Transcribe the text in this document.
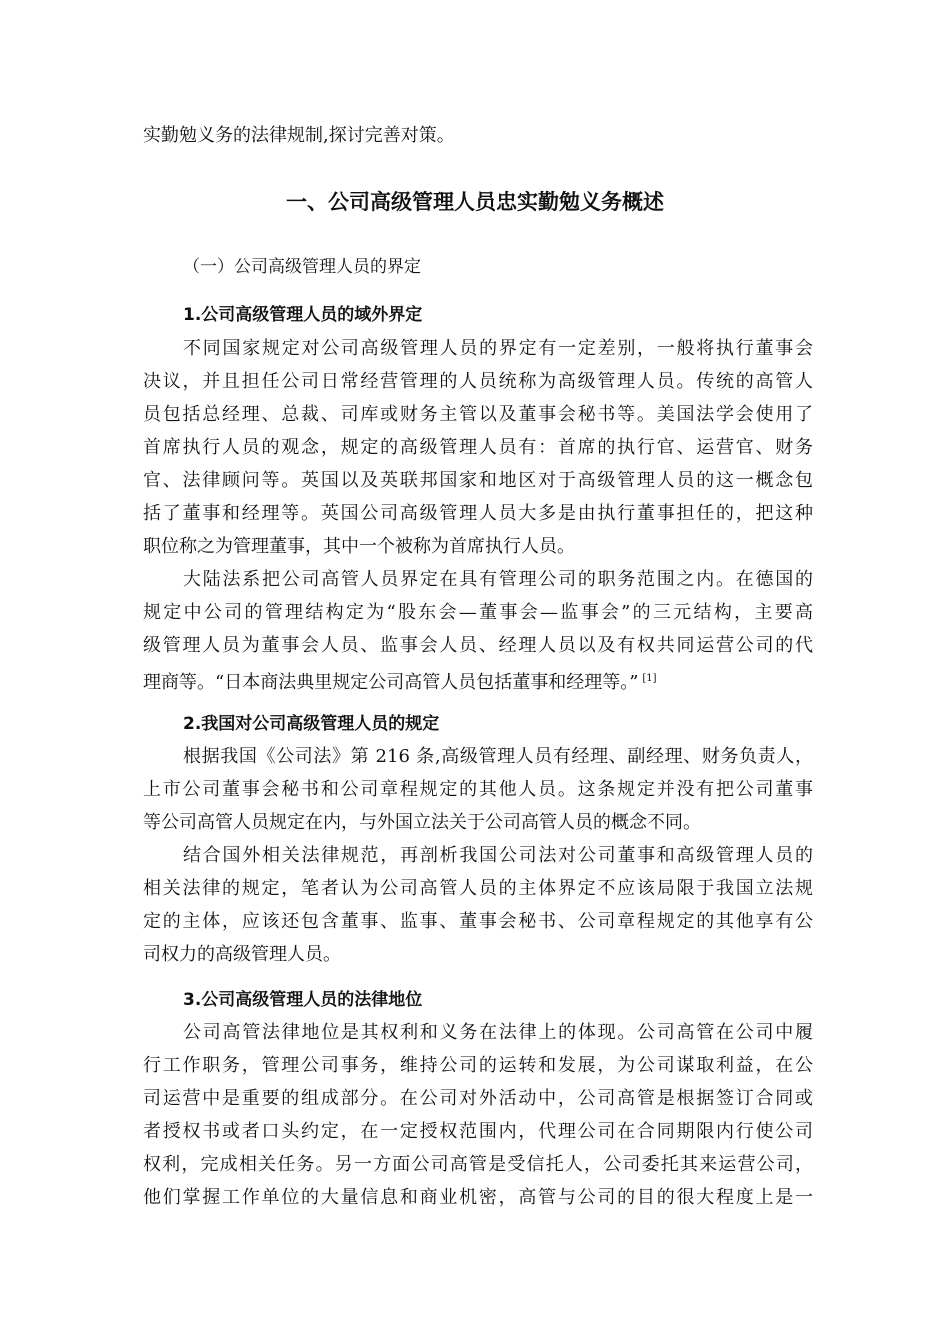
实勤勉义务的法律规制,探讨完善对策。
一、公司高级管理人员忠实勤勉义务概述
（一）公司高级管理人员的界定
1.公司高级管理人员的域外界定
不同国家规定对公司高级管理人员的界定有一定差别，一般将执行董事会
决议，并且担任公司日常经营管理的人员统称为高级管理人员。传统的高管人
员包括总经理、总裁、司库或财务主管以及董事会秘书等。美国法学会使用了
首席执行人员的观念，规定的高级管理人员有：首席的执行官、运营官、财务
官、法律顾问等。英国以及英联邦国家和地区对于高级管理人员的这一概念包
括了董事和经理等。英国公司高级管理人员大多是由执行董事担任的，把这种
职位称之为管理董事，其中一个被称为首席执行人员。
大陆法系把公司高管人员界定在具有管理公司的职务范围之内。在德国的
规定中公司的管理结构定为“股东会—董事会—监事会”的三元结构，主要高
级管理人员为董事会人员、监事会人员、经理人员以及有权共同运营公司的代
理商等。“日本商法典里规定公司高管人员包括董事和经理等。” [1]
2.我国对公司高级管理人员的规定
根据我国《公司法》第 216 条,高级管理人员有经理、副经理、财务负责人，
上市公司董事会秘书和公司章程规定的其他人员。这条规定并没有把公司董事
等公司高管人员规定在内，与外国立法关于公司高管人员的概念不同。
结合国外相关法律规范，再剖析我国公司法对公司董事和高级管理人员的
相关法律的规定，笔者认为公司高管人员的主体界定不应该局限于我国立法规
定的主体，应该还包含董事、监事、董事会秘书、公司章程规定的其他享有公
司权力的高级管理人员。
3.公司高级管理人员的法律地位
公司高管法律地位是其权利和义务在法律上的体现。公司高管在公司中履
行工作职务，管理公司事务，维持公司的运转和发展，为公司谋取利益，在公
司运营中是重要的组成部分。在公司对外活动中，公司高管是根据签订合同或
者授权书或者口头约定，在一定授权范围内，代理公司在合同期限内行使公司
权利，完成相关任务。另一方面公司高管是受信托人，公司委托其来运营公司，
他们掌握工作单位的大量信息和商业机密，高管与公司的目的很大程度上是一
